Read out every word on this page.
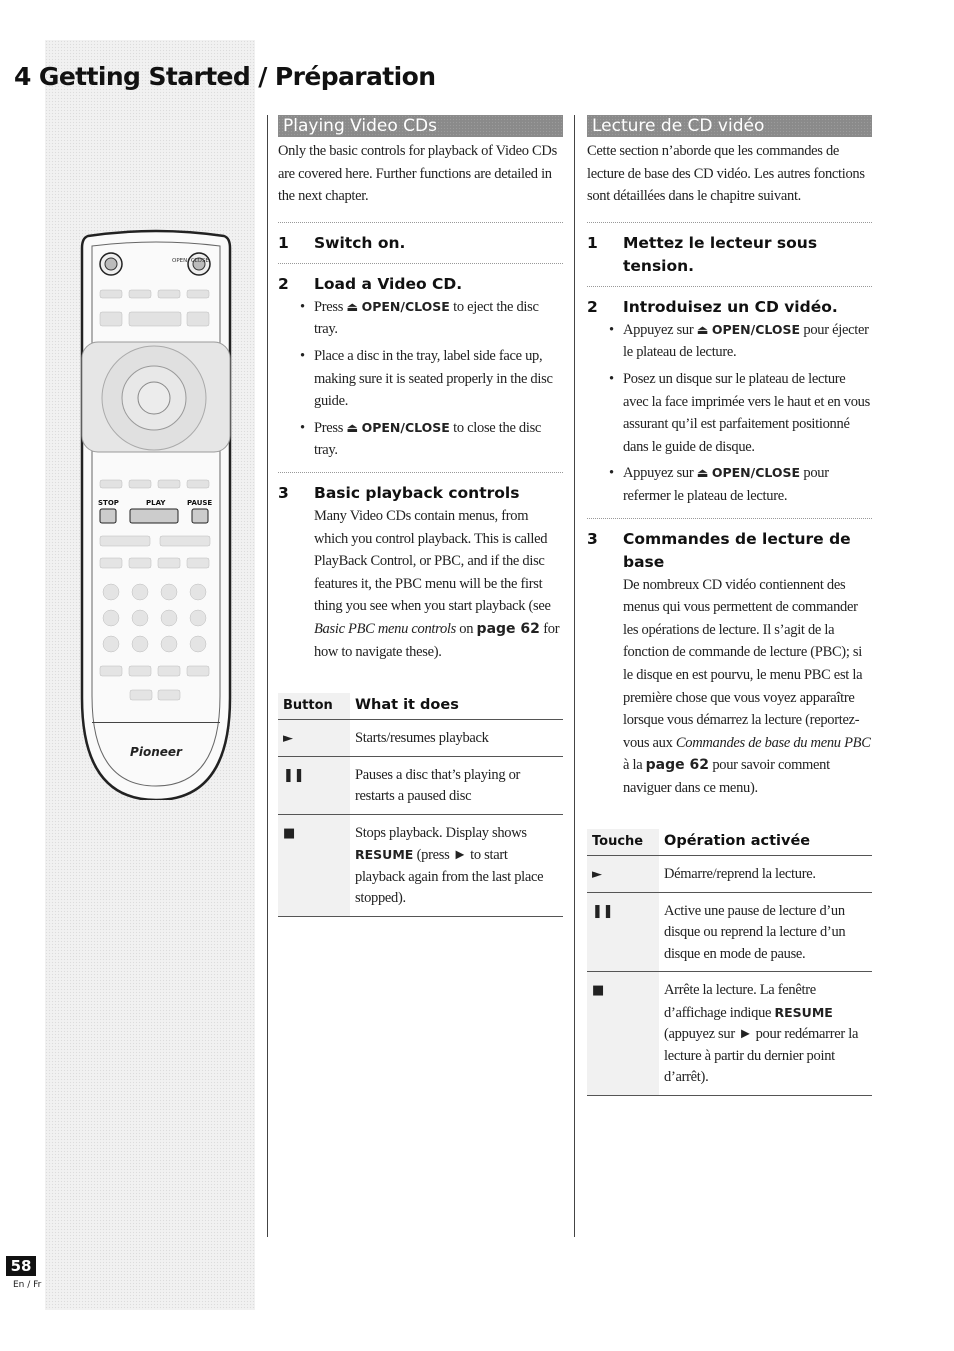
4 Getting Started / Préparation
OPEN/ CLOSE
STOP	PLAY	PAUSE
Pioneer
Playing Video CDs

Only the basic controls for playback of Video CDs are covered here. Further functions are detailed in the next chapter.

1	Switch on.
2	Load a Video CD.
• Press ⏏ OPEN/CLOSE to eject the disc tray.
• Place a disc in the tray, label side face up, making sure it is seated properly in the disc guide.
• Press ⏏ OPEN/CLOSE to close the disc tray.
3	Basic playback controls
Many Video CDs contain menus, from which you control playback. This is called PlayBack Control, or PBC, and if the disc features it, the PBC menu will be the first thing you see when you start playback (see Basic PBC menu controls on page 62 for how to navigate these).
Button	What it does
►	Starts/resumes playback
❚❚	Pauses a disc that’s playing or restarts a paused disc
■	Stops playback. Display shows RESUME (press ► to start playback again from the last place stopped).
Lecture de CD vidéo

Cette section n’aborde que les commandes de lecture de base des CD vidéo. Les autres fonctions sont détaillées dans le chapitre suivant.

1	Mettez le lecteur sous tension.
2	Introduisez un CD vidéo.
• Appuyez sur ⏏ OPEN/CLOSE pour éjecter le plateau de lecture.
• Posez un disque sur le plateau de lecture avec la face imprimée vers le haut et en vous assurant qu’il est parfaitement positionné dans le guide de disque.
• Appuyez sur ⏏ OPEN/CLOSE pour refermer le plateau de lecture.
3	Commandes de lecture de base
De nombreux CD vidéo contiennent des menus qui vous permettent de commander les opérations de lecture. Il s’agit de la fonction de commande de lecture (PBC); si le disque en est pourvu, le menu PBC est la première chose que vous voyez apparaître lorsque vous démarrez la lecture (reportez-vous aux Commandes de base du menu PBC à la page 62 pour savoir comment naviguer dans ce menu).
Touche	Opération activée
►	Démarre/reprend la lecture.
❚❚	Active une pause de lecture d’un disque ou reprend la lecture d’un disque en mode de pause.
■	Arrête la lecture. La fenêtre d’affichage indique RESUME (appuyez sur ► pour redémarrer la lecture à partir du dernier point d’arrêt).
58
En / Fr
